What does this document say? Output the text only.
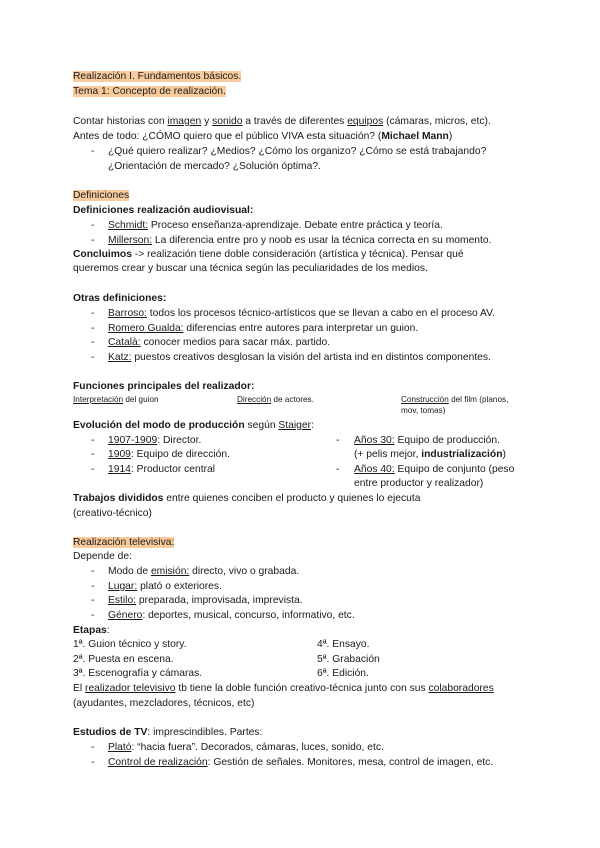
Realización I. Fundamentos básicos.
Tema 1: Concepto de realización.
Contar historias con imagen y sonido a través de diferentes equipos (cámaras, micros, etc).
Antes de todo: ¿CÓMO quiero que el público VIVA esta situación? (Michael Mann)
- ¿Qué quiero realizar? ¿Medios? ¿Cómo los organizo? ¿Cómo se está trabajando?
¿Orientación de mercado? ¿Solución óptima?.
Definiciones
Definiciones realización audiovisual:
- Schmidt: Proceso enseñanza-aprendizaje. Debate entre práctica y teoría.
- Millerson: La diferencia entre pro y noob es usar la técnica correcta en su momento.
Concluimos -> realización tiene doble consideración (artística y técnica). Pensar qué
queremos crear y buscar una técnica según las peculiaridades de los medios.
Otras definiciones:
- Barroso: todos los procesos técnico-artísticos que se llevan a cabo en el proceso AV.
- Romero Gualda: diferencias entre autores para interpretar un guion.
- Català: conocer medios para sacar máx. partido.
- Katz: puestos creativos desglosan la visión del artista ind en distintos componentes.
Funciones principales del realizador:
Interpretación del guion	Dirección de actores.	Construcción del film (planos,
mov, tomas)
Evolución del modo de producción según Staiger:
- 1907-1909: Director.
- 1909: Equipo de dirección.
- 1914: Productor central
- Años 30: Equipo de producción.
(+ pelis mejor, industrialización)
- Años 40: Equipo de conjunto (peso
entre productor y realizador)
Trabajos divididos entre quienes conciben el producto y quienes lo ejecuta
(creativo-técnico)
Realización televisiva:
Depende de:
- Modo de emisión: directo, vivo o grabada.
- Lugar: plató o exteriores.
- Estilo: preparada, improvisada, imprevista.
- Género: deportes, musical, concurso, informativo, etc.
Etapas:
1ª. Guion técnico y story.
2ª. Puesta en escena.
3ª. Escenografía y cámaras.
4ª. Ensayo.
5ª. Grabación
6ª. Edición.
El realizador televisivo tb tiene la doble función creativo-técnica junto con sus colaboradores
(ayudantes, mezcladores, técnicos, etc)
Estudios de TV: imprescindibles. Partes:
- Plató: “hacia fuera”. Decorados, cámaras, luces, sonido, etc.
- Control de realización: Gestión de señales. Monitores, mesa, control de imagen, etc.
